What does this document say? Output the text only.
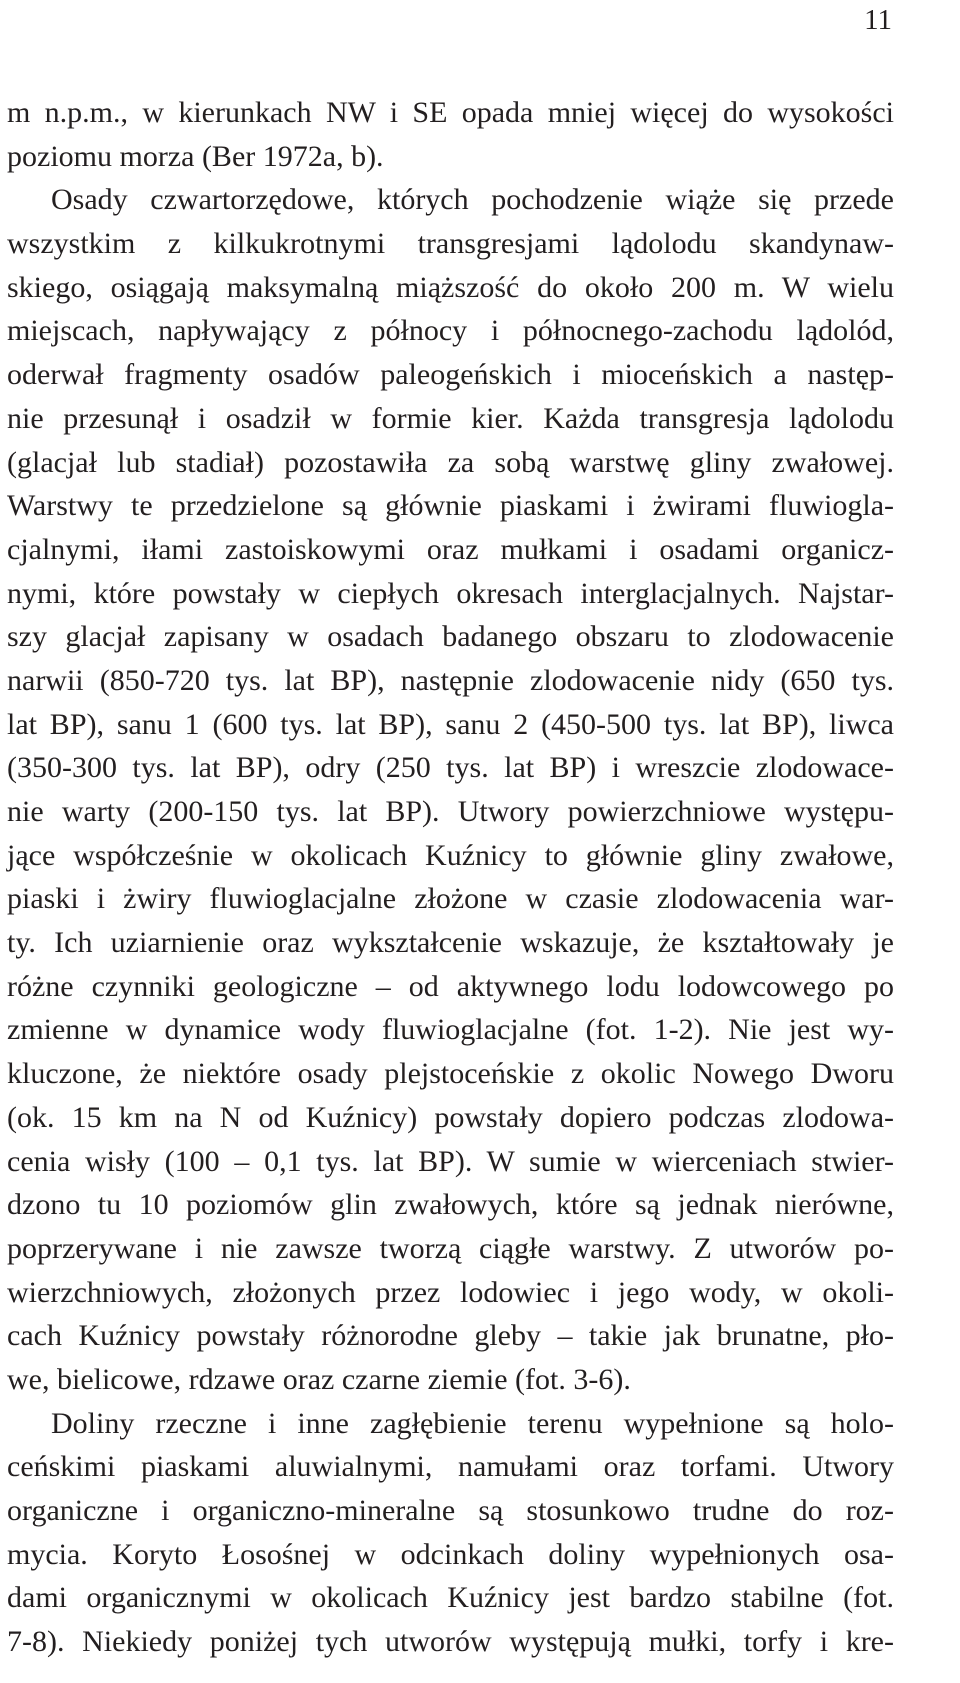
11
m n.p.m., w kierunkach NW i SE opada mniej więcej do wysokości
poziomu morza (Ber 1972a, b).
Osady czwartorzędowe, których pochodzenie wiąże się przede
wszystkim z kilkukrotnymi transgresjami lądolodu skandynaw-
skiego, osiągają maksymalną miąższość do około 200 m. W wielu
miejscach, napływający z północy i północnego-zachodu lądolód,
oderwał fragmenty osadów paleogeńskich i mioceńskich a następ-
nie przesunął i osadził w formie kier. Każda transgresja lądolodu
(glacjał lub stadiał) pozostawiła za sobą warstwę gliny zwałowej.
Warstwy te przedzielone są głównie piaskami i żwirami fluwiogla-
cjalnymi, iłami zastoiskowymi oraz mułkami i osadami organicz-
nymi, które powstały w ciepłych okresach interglacjalnych. Najstar-
szy glacjał zapisany w osadach badanego obszaru to zlodowacenie
narwii (850-720 tys. lat BP), następnie zlodowacenie nidy (650 tys.
lat BP), sanu 1 (600 tys. lat BP), sanu 2 (450-500 tys. lat BP), liwca
(350-300 tys. lat BP), odry (250 tys. lat BP) i wreszcie zlodowace-
nie warty (200-150 tys. lat BP). Utwory powierzchniowe występu-
jące współcześnie w okolicach Kuźnicy to głównie gliny zwałowe,
piaski i żwiry fluwioglacjalne złożone w czasie zlodowacenia war-
ty. Ich uziarnienie oraz wykształcenie wskazuje, że kształtowały je
różne czynniki geologiczne – od aktywnego lodu lodowcowego po
zmienne w dynamice wody fluwioglacjalne (fot. 1-2). Nie jest wy-
kluczone, że niektóre osady plejstoceńskie z okolic Nowego Dworu
(ok. 15 km na N od Kuźnicy) powstały dopiero podczas zlodowa-
cenia wisły (100 – 0,1 tys. lat BP). W sumie w wierceniach stwier-
dzono tu 10 poziomów glin zwałowych, które są jednak nierówne,
poprzerywane i nie zawsze tworzą ciągłe warstwy. Z utworów po-
wierzchniowych, złożonych przez lodowiec i jego wody, w okoli-
cach Kuźnicy powstały różnorodne gleby – takie jak brunatne, pło-
we, bielicowe, rdzawe oraz czarne ziemie (fot. 3-6).
Doliny rzeczne i inne zagłębienie terenu wypełnione są holo-
ceńskimi piaskami aluwialnymi, namułami oraz torfami. Utwory
organiczne i organiczno-mineralne są stosunkowo trudne do roz-
mycia. Koryto Łosośnej w odcinkach doliny wypełnionych osa-
dami organicznymi w okolicach Kuźnicy jest bardzo stabilne (fot.
7-8). Niekiedy poniżej tych utworów występują mułki, torfy i kre-
